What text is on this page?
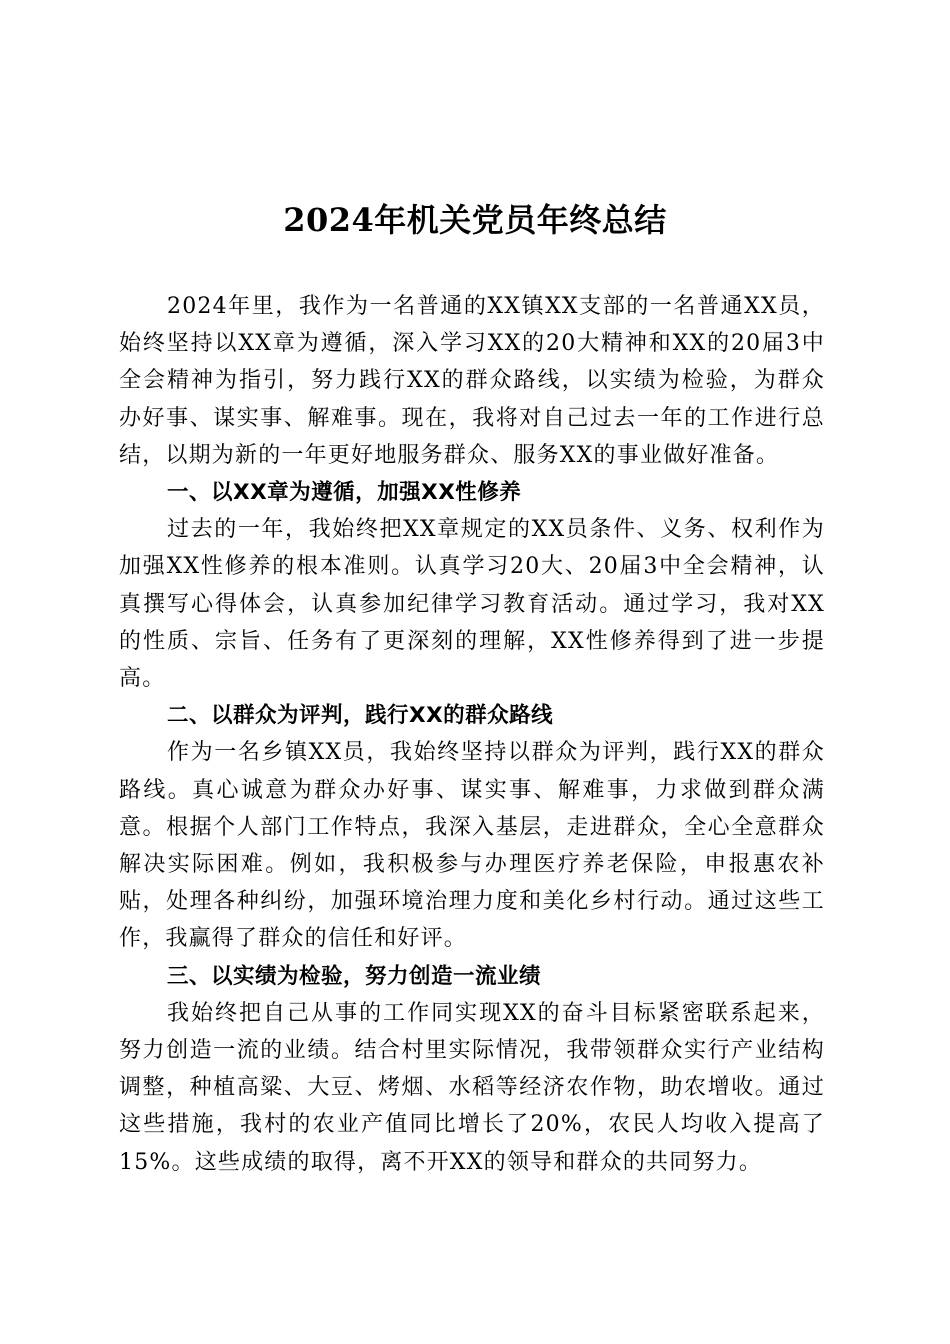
2024年机关党员年终总结

2024年里，我作为一名普通的XX镇XX支部的一名普通XX员，始终坚持以XX章为遵循，深入学习XX的20大精神和XX的20届3中全会精神为指引，努力践行XX的群众路线，以实绩为检验，为群众办好事、谋实事、解难事。现在，我将对自己过去一年的工作进行总结，以期为新的一年更好地服务群众、服务XX的事业做好准备。

一、以XX章为遵循，加强XX性修养

过去的一年，我始终把XX章规定的XX员条件、义务、权利作为加强XX性修养的根本准则。认真学习20大、20届3中全会精神，认真撰写心得体会，认真参加纪律学习教育活动。通过学习，我对XX的性质、宗旨、任务有了更深刻的理解，XX性修养得到了进一步提高。

二、以群众为评判，践行XX的群众路线

作为一名乡镇XX员，我始终坚持以群众为评判，践行XX的群众路线。真心诚意为群众办好事、谋实事、解难事，力求做到群众满意。根据个人部门工作特点，我深入基层，走进群众，全心全意群众解决实际困难。例如，我积极参与办理医疗养老保险，申报惠农补贴，处理各种纠纷，加强环境治理力度和美化乡村行动。通过这些工作，我赢得了群众的信任和好评。

三、以实绩为检验，努力创造一流业绩

我始终把自己从事的工作同实现XX的奋斗目标紧密联系起来，努力创造一流的业绩。结合村里实际情况，我带领群众实行产业结构调整，种植高粱、大豆、烤烟、水稻等经济农作物，助农增收。通过这些措施，我村的农业产值同比增长了20%，农民人均收入提高了15%。这些成绩的取得，离不开XX的领导和群众的共同努力。
